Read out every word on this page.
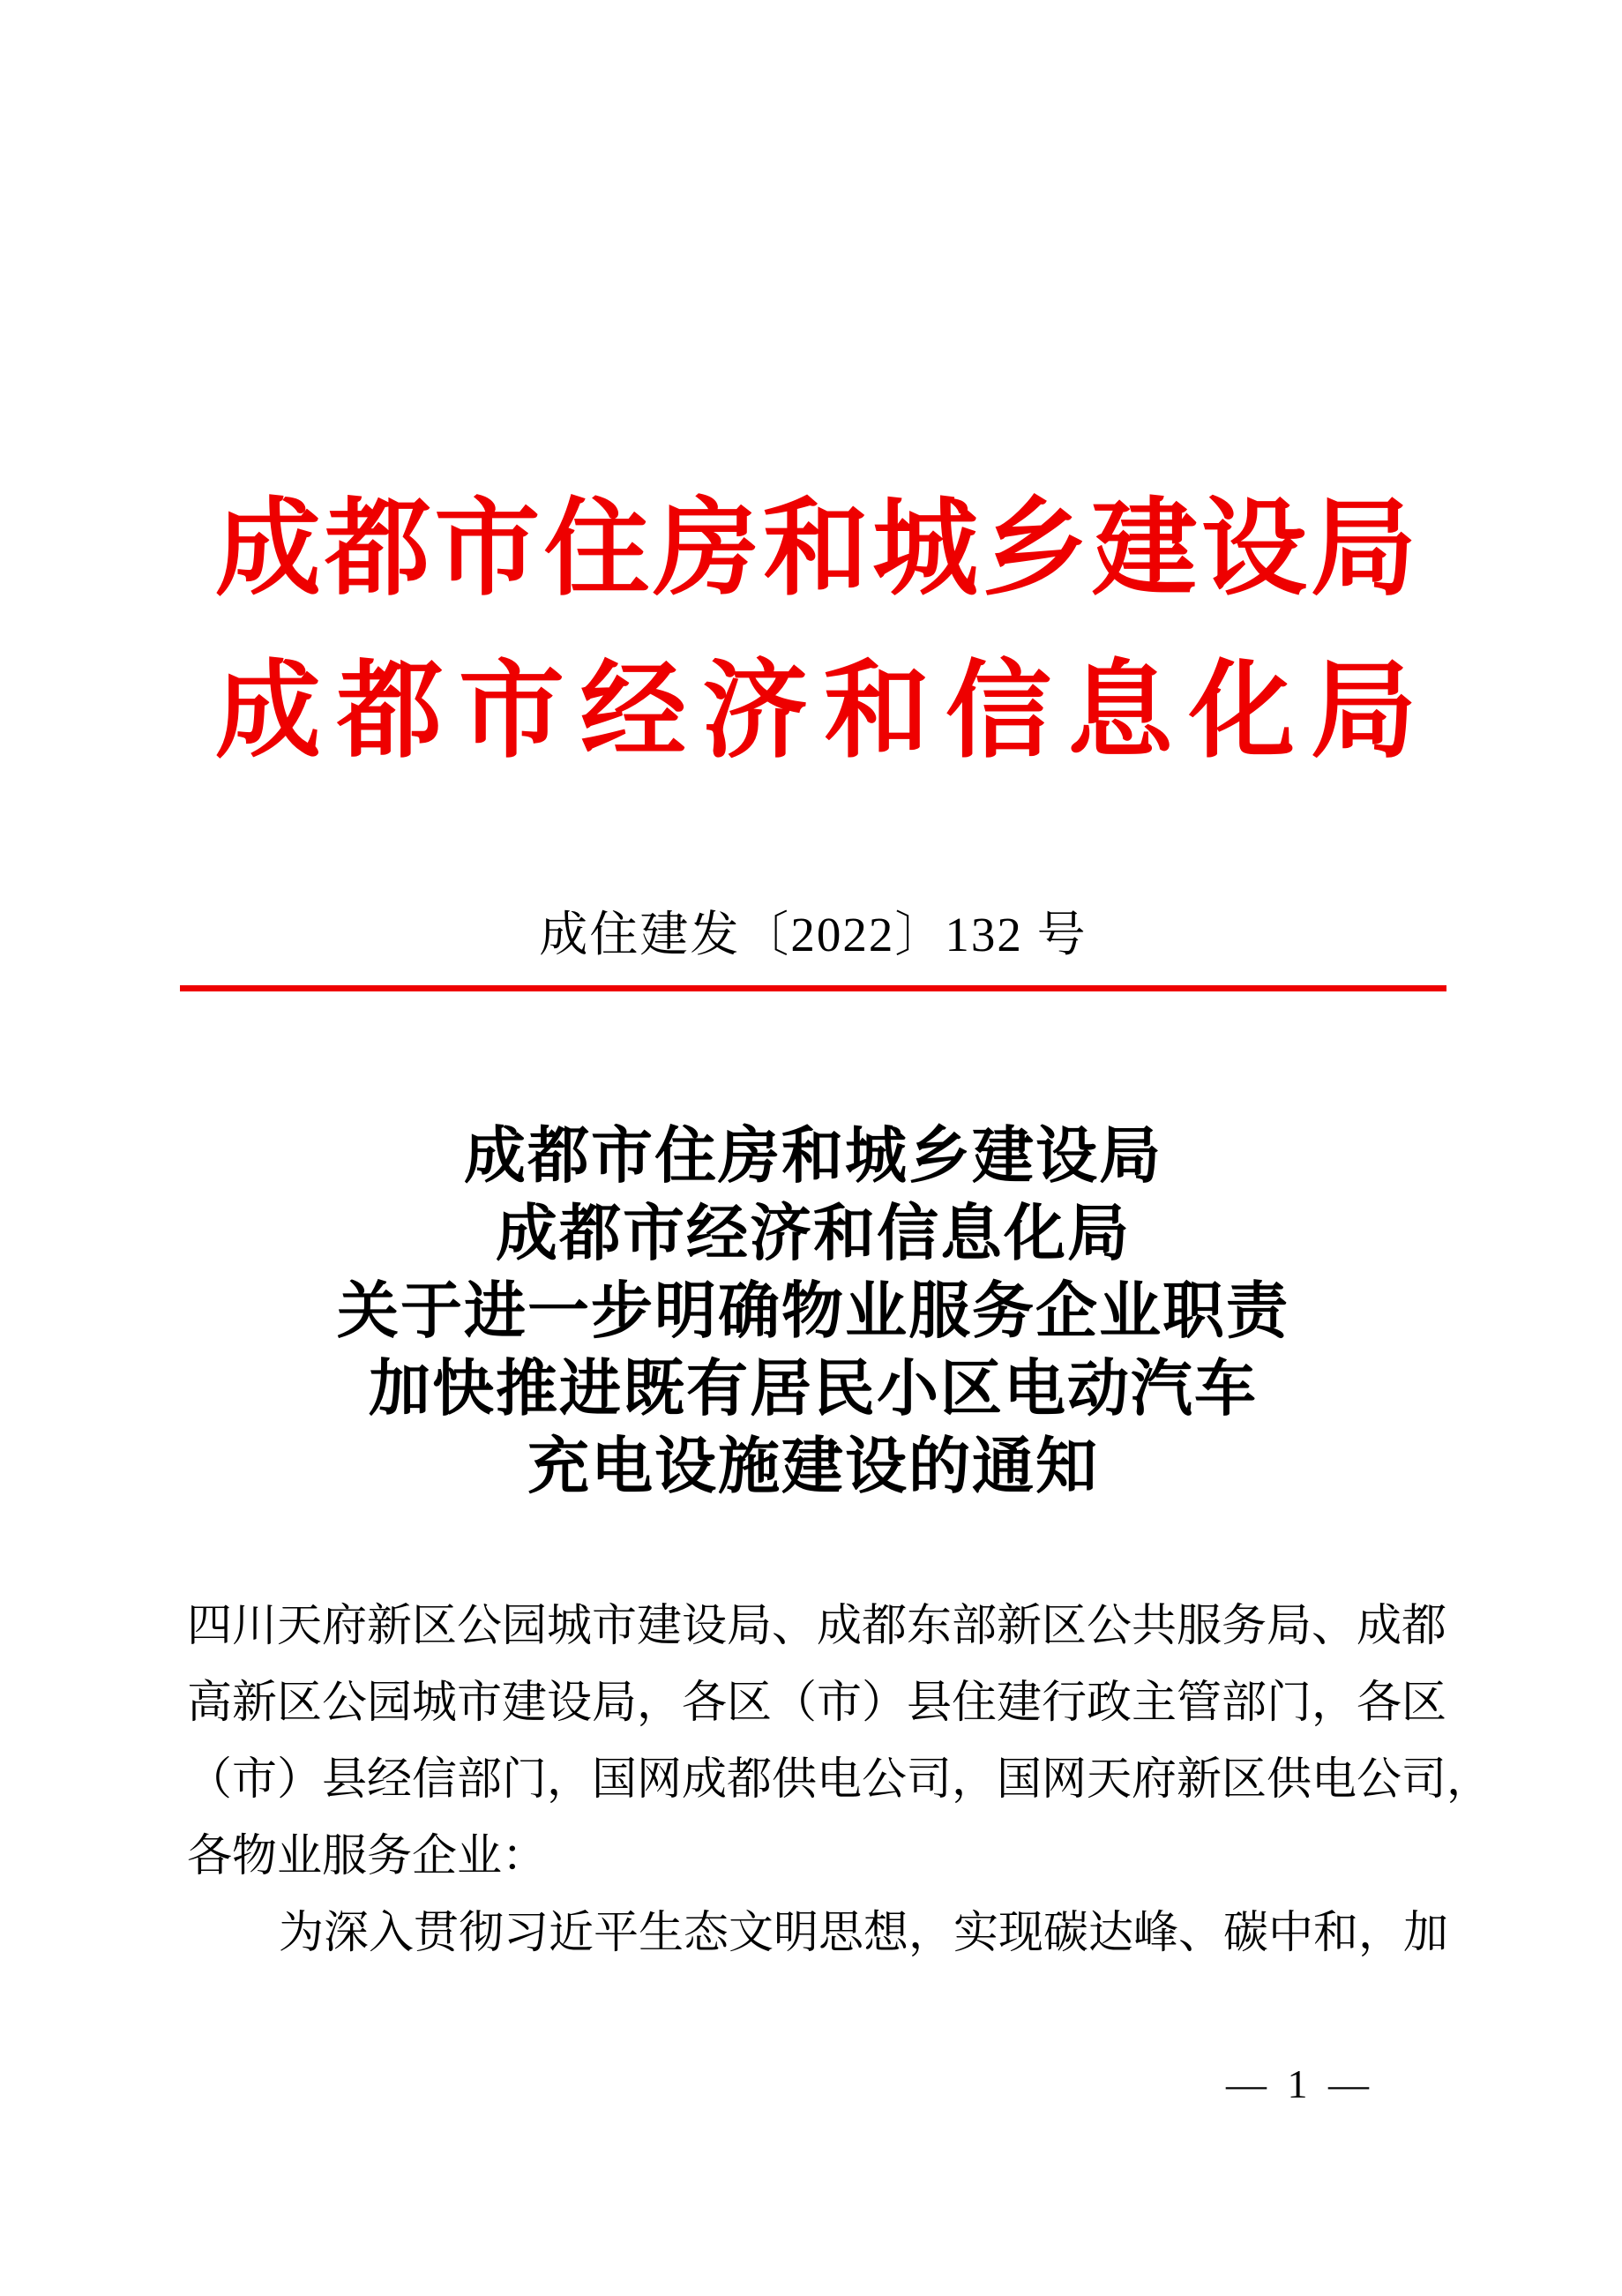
成 都 市 住 房 和 城 乡 建 设 局
成 都 市 经 济 和 信 息 化 局
成住建发〔2022〕132 号
成都市住房和城乡建设局
成都市经济和信息化局
关于进一步明确物业服务企业职责
加快推进既有居民小区电动汽车
充电设施建设的通知
四川天府新区公园城市建设局、成都东部新区公共服务局、成都
高新区公园城市建设局，各区（市）县住建行政主管部门，各区
（市）县经信部门，国网成都供电公司，国网天府新区供电公司，
各物业服务企业：
为深入贯彻习近平生态文明思想，实现碳达峰、碳中和，加
— 1 —
